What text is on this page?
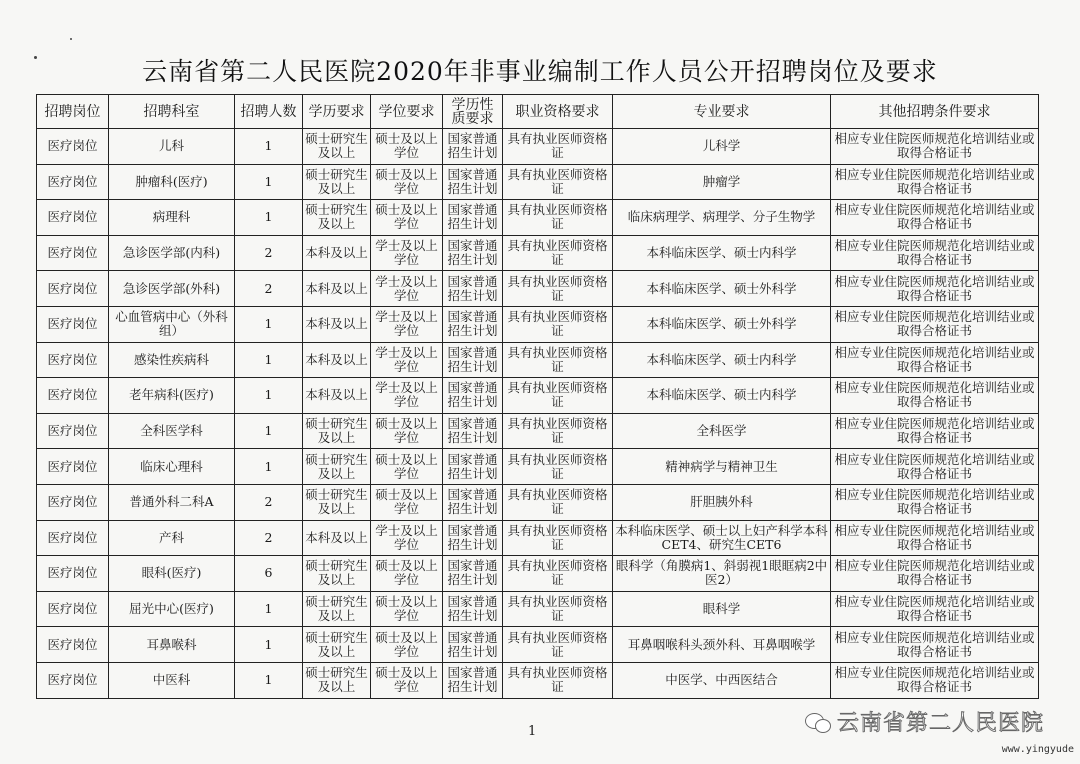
云南省第二人民医院2020年非事业编制工作人员公开招聘岗位及要求
招聘岗位	招聘科室	招聘人数	学历要求	学位要求	学历性质要求	职业资格要求	专业要求	其他招聘条件要求
医疗岗位	儿科	1	硕士研究生及以上	硕士及以上学位	国家普通招生计划	具有执业医师资格证	儿科学	相应专业住院医师规范化培训结业或取得合格证书
医疗岗位	肿瘤科(医疗)	1	硕士研究生及以上	硕士及以上学位	国家普通招生计划	具有执业医师资格证	肿瘤学	相应专业住院医师规范化培训结业或取得合格证书
医疗岗位	病理科	1	硕士研究生及以上	硕士及以上学位	国家普通招生计划	具有执业医师资格证	临床病理学、病理学、分子生物学	相应专业住院医师规范化培训结业或取得合格证书
医疗岗位	急诊医学部(内科)	2	本科及以上	学士及以上学位	国家普通招生计划	具有执业医师资格证	本科临床医学、硕士内科学	相应专业住院医师规范化培训结业或取得合格证书
医疗岗位	急诊医学部(外科)	2	本科及以上	学士及以上学位	国家普通招生计划	具有执业医师资格证	本科临床医学、硕士外科学	相应专业住院医师规范化培训结业或取得合格证书
医疗岗位	心血管病中心（外科组）	1	本科及以上	学士及以上学位	国家普通招生计划	具有执业医师资格证	本科临床医学、硕士外科学	相应专业住院医师规范化培训结业或取得合格证书
医疗岗位	感染性疾病科	1	本科及以上	学士及以上学位	国家普通招生计划	具有执业医师资格证	本科临床医学、硕士内科学	相应专业住院医师规范化培训结业或取得合格证书
医疗岗位	老年病科(医疗)	1	本科及以上	学士及以上学位	国家普通招生计划	具有执业医师资格证	本科临床医学、硕士内科学	相应专业住院医师规范化培训结业或取得合格证书
医疗岗位	全科医学科	1	硕士研究生及以上	硕士及以上学位	国家普通招生计划	具有执业医师资格证	全科医学	相应专业住院医师规范化培训结业或取得合格证书
医疗岗位	临床心理科	1	硕士研究生及以上	硕士及以上学位	国家普通招生计划	具有执业医师资格证	精神病学与精神卫生	相应专业住院医师规范化培训结业或取得合格证书
医疗岗位	普通外科二科A	2	硕士研究生及以上	硕士及以上学位	国家普通招生计划	具有执业医师资格证	肝胆胰外科	相应专业住院医师规范化培训结业或取得合格证书
医疗岗位	产科	2	本科及以上	学士及以上学位	国家普通招生计划	具有执业医师资格证	本科临床医学、硕士以上妇产科学本科CET4、研究生CET6	相应专业住院医师规范化培训结业或取得合格证书
医疗岗位	眼科(医疗)	6	硕士研究生及以上	硕士及以上学位	国家普通招生计划	具有执业医师资格证	眼科学（角膜病1、斜弱视1眼眶病2中医2）	相应专业住院医师规范化培训结业或取得合格证书
医疗岗位	屈光中心(医疗)	1	硕士研究生及以上	硕士及以上学位	国家普通招生计划	具有执业医师资格证	眼科学	相应专业住院医师规范化培训结业或取得合格证书
医疗岗位	耳鼻喉科	1	硕士研究生及以上	硕士及以上学位	国家普通招生计划	具有执业医师资格证	耳鼻咽喉科头颈外科、耳鼻咽喉学	相应专业住院医师规范化培训结业或取得合格证书
医疗岗位	中医科	1	硕士研究生及以上	硕士及以上学位	国家普通招生计划	具有执业医师资格证	中医学、中西医结合	相应专业住院医师规范化培训结业或取得合格证书
1	云南省第二人民医院
www.yingyude
